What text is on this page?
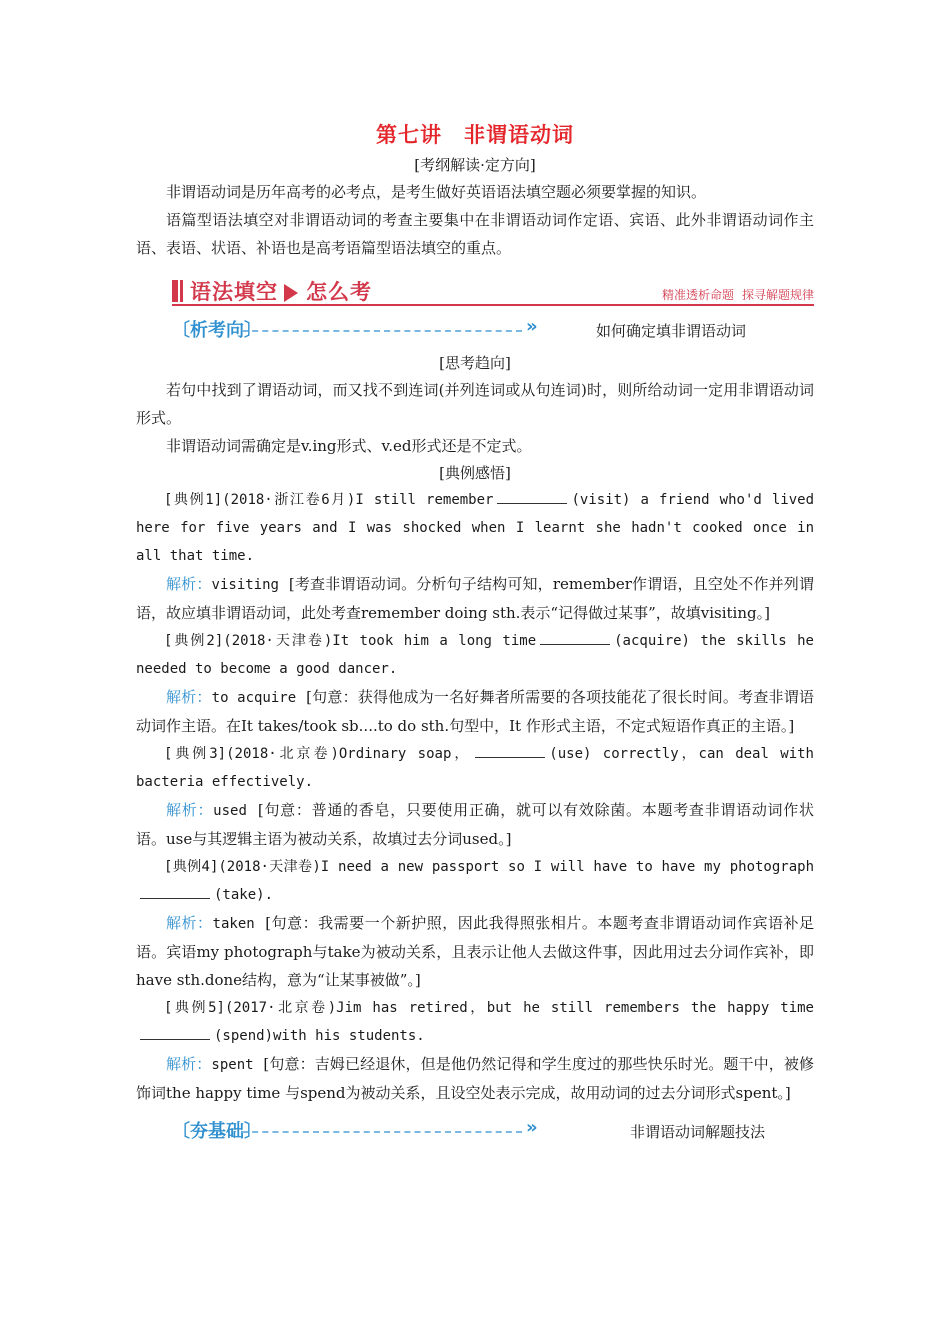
第七讲 非谓语动词
[考纲解读·定方向]

非谓语动词是历年高考的必考点，是考生做好英语语法填空题必须要掌握的知识。

语篇型语法填空对非谓语动词的考查主要集中在非谓语动词作定语、宾语、此外非谓语动词作主语、表语、状语、补语也是高考语篇型语法填空的重点。

语法填空 怎么考	精准透析命题 探寻解题规律
〔析考向〕	»	如何确定填非谓语动词
[思考趋向]

若句中找到了谓语动词，而又找不到连词(并列连词或从句连词)时，则所给动词一定用非谓语动词形式。

非谓语动词需确定是v.ing形式、v.ed形式还是不定式。

[典例感悟]

[典例1](2018·浙江卷6月)I still remember	(visit) a friend who'd lived here for five years and I was shocked when I learnt she hadn't cooked once in all that time.

解析：visiting [考查非谓语动词。分析句子结构可知，remember作谓语，且空处不作并列谓语，故应填非谓语动词，此处考查remember doing sth.表示“记得做过某事”，故填visiting。]

[典例2](2018·天津卷)It took him a long time	(acquire) the skills he needed to become a good dancer.

解析：to acquire [句意：获得他成为一名好舞者所需要的各项技能花了很长时间。考查非谓语动词作主语。在It takes/took sb....to do sth.句型中，It 作形式主语，不定式短语作真正的主语。]

[典例3](2018·北京卷)Ordinary soap，	(use) correctly，can deal with bacteria effectively.

解析：used [句意：普通的香皂，只要使用正确，就可以有效除菌。本题考查非谓语动词作状语。use与其逻辑主语为被动关系，故填过去分词used。]

[典例4](2018·天津卷)I need a new passport so I will have to have my photograph(take).

解析：taken [句意：我需要一个新护照，因此我得照张相片。本题考查非谓语动词作宾语补足语。宾语my photograph与take为被动关系，且表示让他人去做这件事，因此用过去分词作宾补，即have sth.done结构，意为“让某事被做”。]

[典例5](2017·北京卷)Jim has retired，but he still remembers the happy time(spend)with his students.

解析：spent [句意：吉姆已经退休，但是他仍然记得和学生度过的那些快乐时光。题干中，被修饰词the happy time 与spend为被动关系，且设空处表示完成，故用动词的过去分词形式spent。]

〔夯基础〕	»	非谓语动词解题技法
